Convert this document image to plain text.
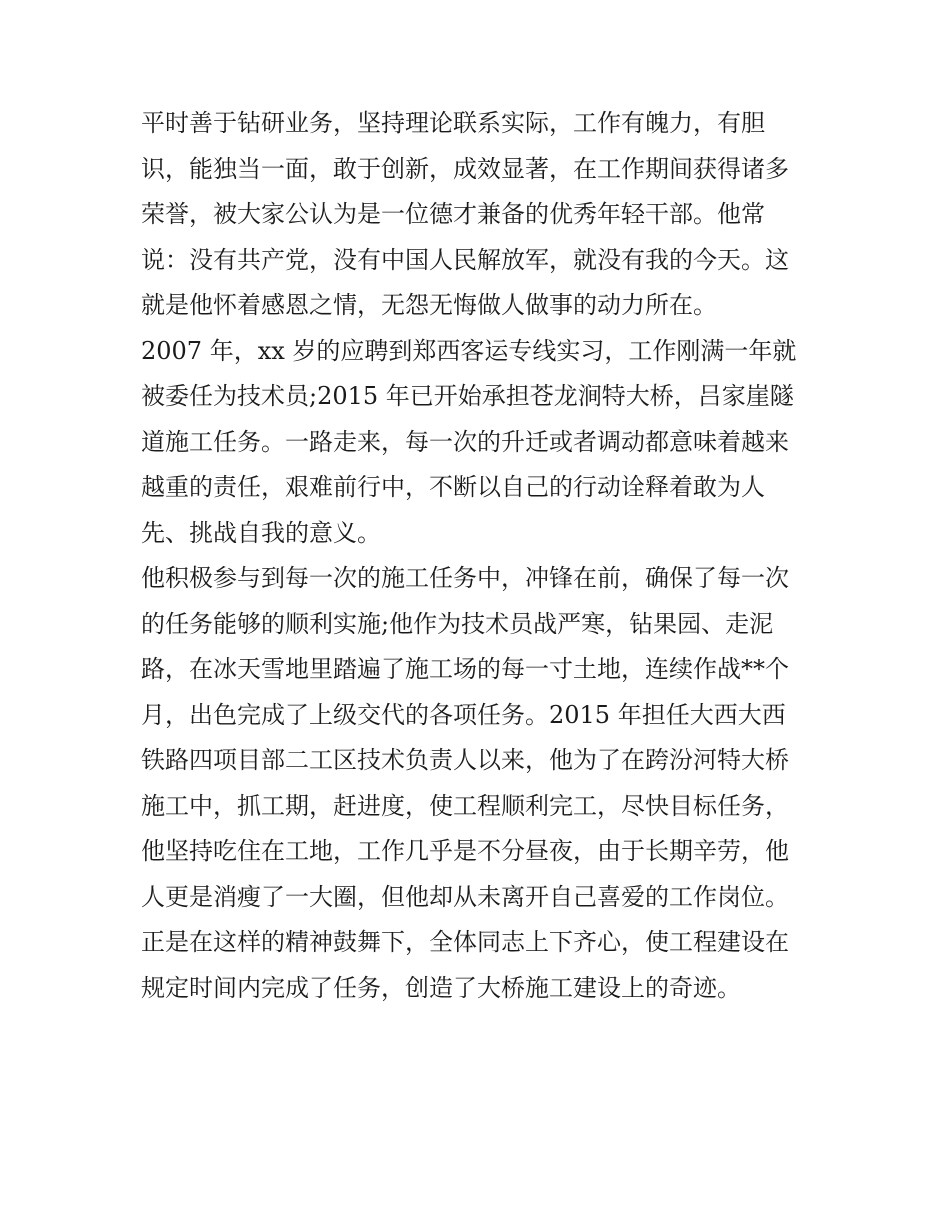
平时善于钻研业务，坚持理论联系实际，工作有魄力，有胆
识，能独当一面，敢于创新，成效显著，在工作期间获得诸多
荣誉，被大家公认为是一位德才兼备的优秀年轻干部。他常
说：没有共产党，没有中国人民解放军，就没有我的今天。这
就是他怀着感恩之情，无怨无悔做人做事的动力所在。
2007 年，xx 岁的应聘到郑西客运专线实习，工作刚满一年就
被委任为技术员;2015 年已开始承担苍龙涧特大桥，吕家崖隧
道施工任务。一路走来，每一次的升迁或者调动都意味着越来
越重的责任，艰难前行中，不断以自己的行动诠释着敢为人
先、挑战自我的意义。
他积极参与到每一次的施工任务中，冲锋在前，确保了每一次
的任务能够的顺利实施;他作为技术员战严寒，钻果园、走泥
路，在冰天雪地里踏遍了施工场的每一寸土地，连续作战**个
月，出色完成了上级交代的各项任务。2015 年担任大西大西
铁路四项目部二工区技术负责人以来，他为了在跨汾河特大桥
施工中，抓工期，赶进度，使工程顺利完工，尽快目标任务，
他坚持吃住在工地，工作几乎是不分昼夜，由于长期辛劳，他
人更是消瘦了一大圈，但他却从未离开自己喜爱的工作岗位。
正是在这样的精神鼓舞下，全体同志上下齐心，使工程建设在
规定时间内完成了任务，创造了大桥施工建设上的奇迹。
